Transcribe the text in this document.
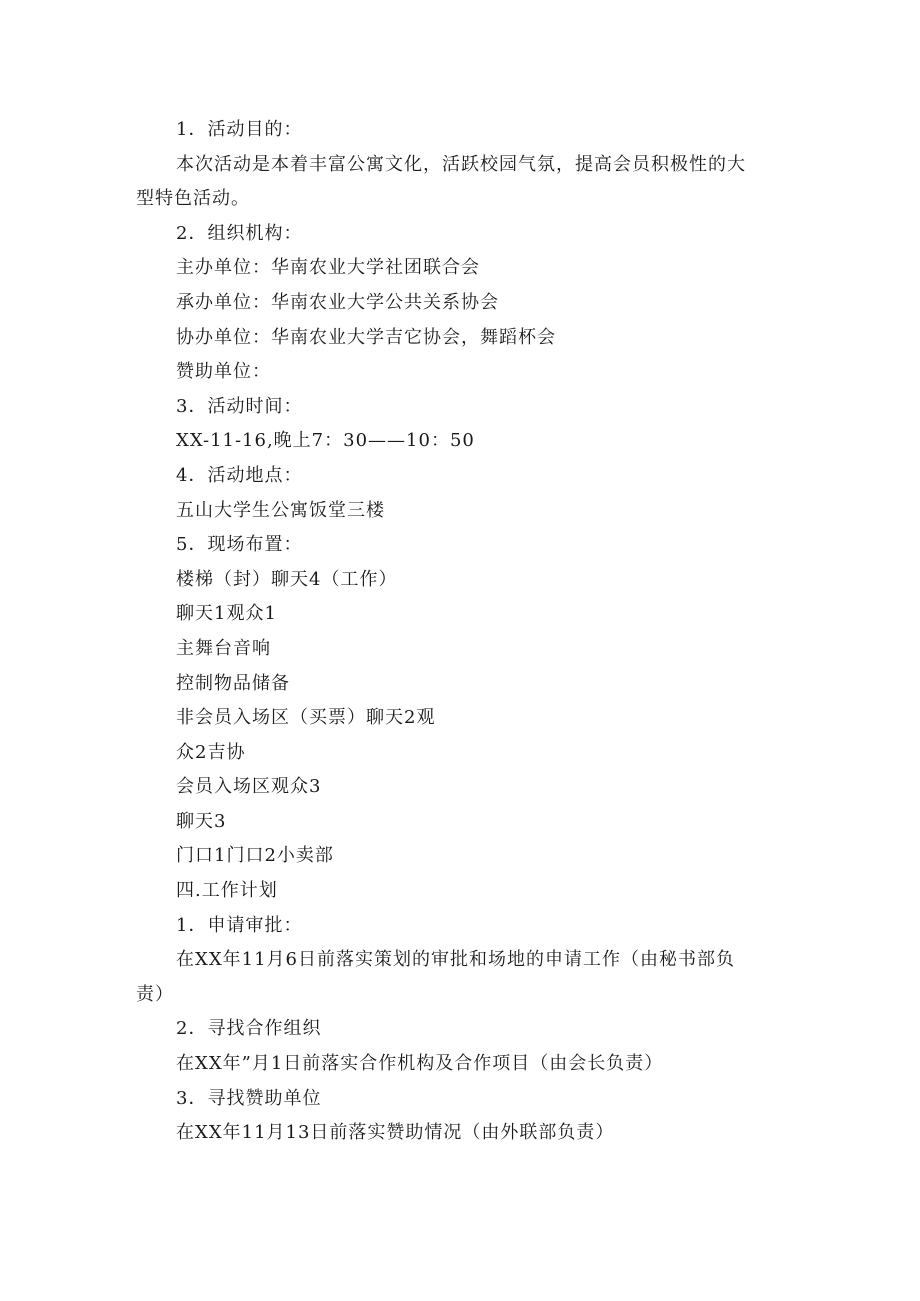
1．活动目的：
本次活动是本着丰富公寓文化，活跃校园气氛，提高会员积极性的大
型特色活动。
2．组织机构：
主办单位：华南农业大学社团联合会
承办单位：华南农业大学公共关系协会
协办单位：华南农业大学吉它协会，舞蹈杯会
赞助单位：
3．活动时间：
XX-11-16,晚上7：30——10：50
4．活动地点：
五山大学生公寓饭堂三楼
5．现场布置：
楼梯（封）聊天4（工作）
聊天1观众1
主舞台音响
控制物品储备
非会员入场区（买票）聊天2观
众2吉协
会员入场区观众3
聊天3
门口1门口2小卖部
四.工作计划
1．申请审批：
在XX年11月6日前落实策划的审批和场地的申请工作（由秘书部负
责）
2．寻找合作组织
在XX年”月1日前落实合作机构及合作项目（由会长负责）
3．寻找赞助单位
在XX年11月13日前落实赞助情况（由外联部负责）
